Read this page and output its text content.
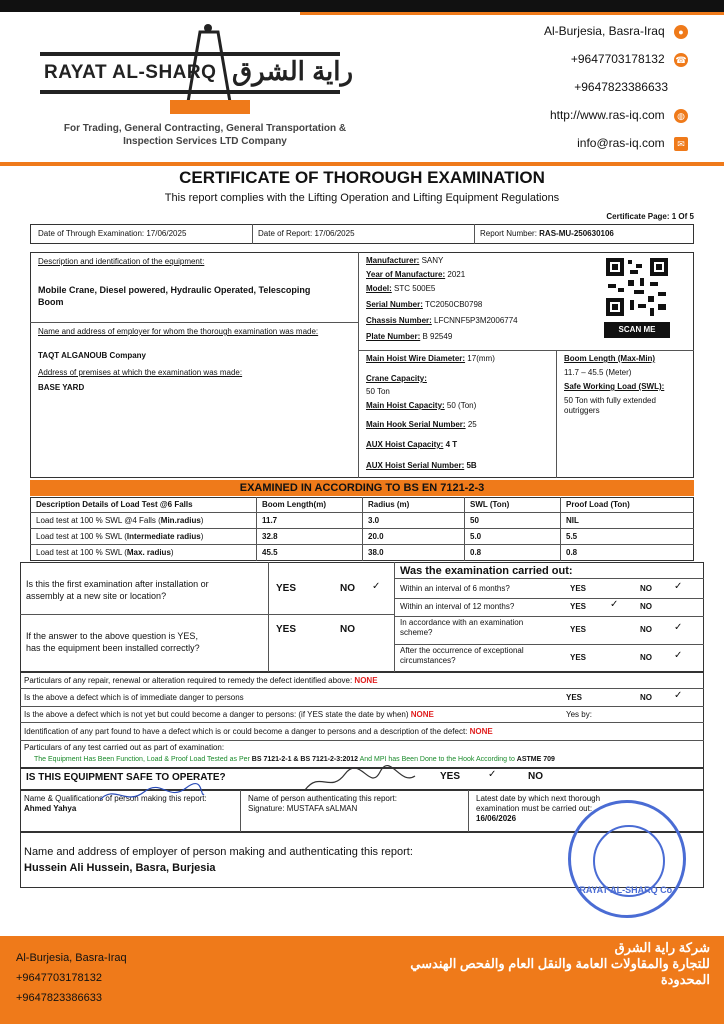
RAYAT AL-SHARQ راية الشرق
For Trading, General Contracting, General Transportation & Inspection Services LTD Company
Al-Burjesia, Basra-Iraq ●
+9647703178132 ☎
+9647823386633
http://www.ras-iq.com ◍
info@ras-iq.com ✉
CERTIFICATE OF THOROUGH EXAMINATION
This report complies with the Lifting Operation and Lifting Equipment Regulations
Certificate Page: 1 Of 5
Date of Through Examination: 17/06/2025	Date of Report: 17/06/2025	Report Number: RAS-MU-250630106
Description and identification of the equipment:
Mobile Crane, Diesel powered, Hydraulic Operated, Telescoping Boom
Name and address of employer for whom the thorough examination was made:
TAQT ALGANOUB Company
Address of premises at which the examination was made:
BASE YARD
Manufacturer: SANY
Year of Manufacture: 2021
Model: STC 500E5
Serial Number: TC2050CB0798
Chassis Number: LFCNNF5P3M2006774
Plate Number: B 92549
SCAN ME
Main Hoist Wire Diameter: 17(mm)
Crane Capacity:
50 Ton
Main Hoist Capacity: 50 (Ton)
Main Hook Serial Number: 25
AUX Hoist Capacity: 4 T
AUX Hoist Serial Number: 5B
Boom Length (Max-Min)
11.7 – 45.5 (Meter)
Safe Working Load (SWL):
50 Ton with fully extended outriggers
EXAMINED IN ACCORDING TO BS EN 7121-2-3
Description Details of Load Test @6 Falls	Boom Length(m)	Radius (m)	SWL (Ton)	Proof Load (Ton)
Load test at 100 % SWL @4 Falls (Min.radius)	11.7	3.0	50	NIL
Load test at 100 % SWL (Intermediate radius)	32.8	20.0	5.0	5.5
Load test at 100 % SWL (Max. radius)	45.5	38.0	0.8	0.8
Is this the first examination after installation or
assembly at a new site or location?
YES	NO ✓
If the answer to the above question is YES,
has the equipment been installed correctly?
YES	NO
Was the examination carried out:
Within an interval of 6 months?	YES	NO ✓
Within an interval of 12 months?	YES ✓	NO
In accordance with an examination scheme?	YES	NO ✓
After the occurrence of exceptional circumstances?	YES	NO ✓
Particulars of any repair, renewal or alteration required to remedy the defect identified above: NONE
Is the above a defect which is of immediate danger to persons	YES	NO ✓
Is the above a defect which is not yet but could become a danger to persons: (if YES state the date by when) NONE	Yes by:
Identification of any part found to have a defect which is or could become a danger to persons and a description of the defect: NONE
Particulars of any test carried out as part of examination:
The Equipment Has Been Function, Load & Proof Load Tested as Per BS 7121-2-1 & BS 7121-2-3:2012 And MPI has Been Done to the Hook According to ASTME 709
IS THIS EQUIPMENT SAFE TO OPERATE?	YES	✓	NO
Name & Qualifications of person making this report: Ahmed Yahya
Name of person authenticating this report:
Signature: MUSTAFA sALMAN
Latest date by which next thorough examination must be carried out:
16/06/2026
Name and address of employer of person making and authenticating this report:
Hussein Ali Hussein, Basra, Burjesia
RAYAT AL-SHARQ Co.
Al-Burjesia, Basra-Iraq
+9647703178132
+9647823386633
شركة راية الشرق
للتجارة والمقاولات العامة والنقل العام والفحص الهندسي
المحدودة
